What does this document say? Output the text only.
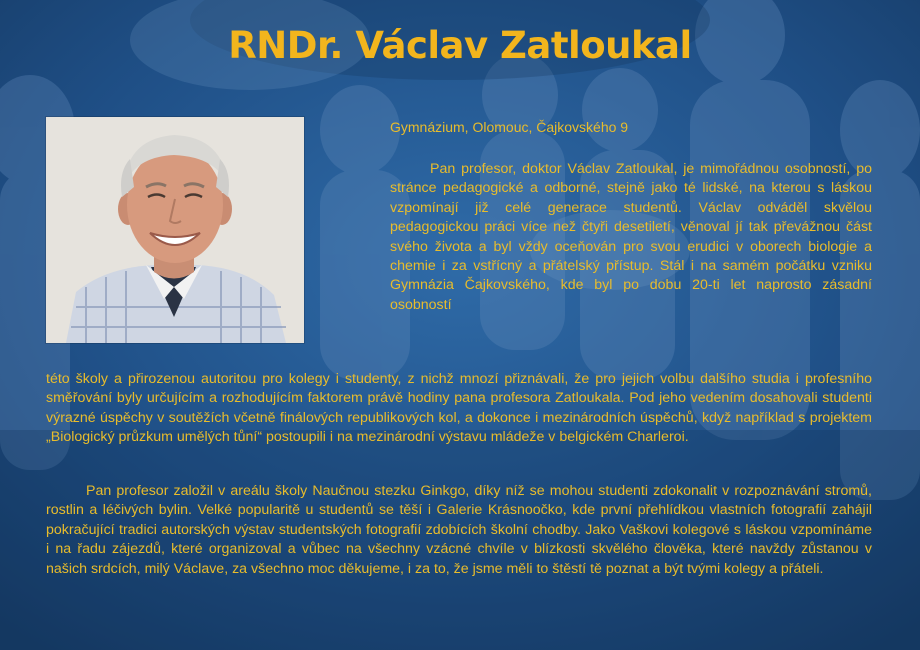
RNDr. Václav Zatloukal
Gymnázium, Olomouc, Čajkovského 9

Pan profesor, doktor Václav Zatloukal, je mimořádnou osobností, po stránce pedagogické a odborné, stejně jako té lidské, na kterou s láskou vzpomínají již celé generace studentů. Václav odváděl skvělou pedagogickou práci více než čtyři desetiletí, věnoval jí tak převážnou část svého života a byl vždy oceňován pro svou erudici v oborech biologie a chemie i za vstřícný a přátelský přístup. Stál i na samém počátku vzniku Gymnázia Čajkovského, kde byl po dobu 20-ti let naprosto zásadní osobností

této školy a přirozenou autoritou pro kolegy i studenty, z nichž mnozí přiznávali, že pro jejich volbu dalšího studia i profesního směřování byly určujícím a rozhodujícím faktorem právě hodiny pana profesora Zatloukala. Pod jeho vedením dosahovali studenti výrazné úspěchy v soutěžích včetně finálových republikových kol, a dokonce i mezinárodních úspěchů, když například s projektem „Biologický průzkum umělých tůní“ postoupili i na mezinárodní výstavu mládeže v belgickém Charleroi.

Pan profesor založil v areálu školy Naučnou stezku Ginkgo, díky níž se mohou studenti zdokonalit v rozpoznávání stromů, rostlin a léčivých bylin. Velké popularitě u studentů se těší i Galerie Krásnoočko, kde první přehlídkou vlastních fotografií zahájil pokračující tradici autorských výstav studentských fotografií zdobících školní chodby. Jako Vaškovi kolegové s láskou vzpomínáme i na řadu zájezdů, které organizoval a vůbec na všechny vzácné chvíle v blízkosti skvělého člověka, které navždy zůstanou v našich srdcích, milý Václave, za všechno moc děkujeme, i za to, že jsme měli to štěstí tě poznat a být tvými kolegy a přáteli.
